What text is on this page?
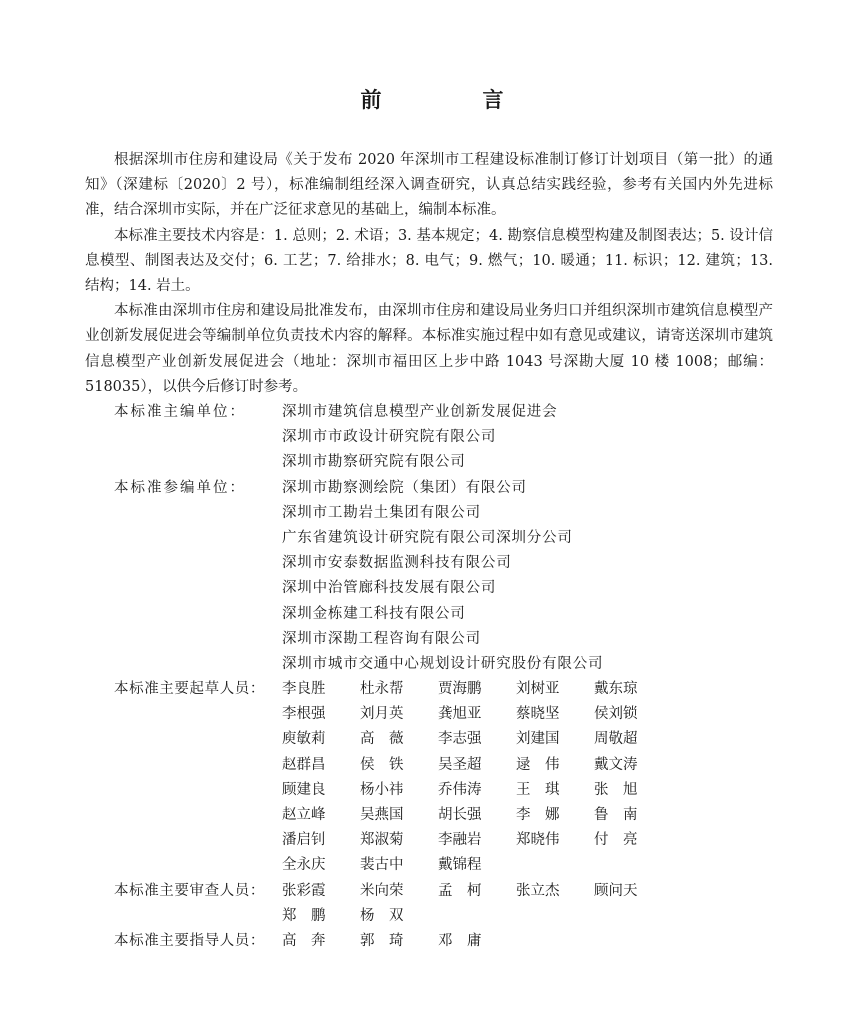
前　言

根据深圳市住房和建设局《关于发布 2020 年深圳市工程建设标准制订修订计划项目（第一批）的通知》（深建标〔2020〕2 号），标准编制组经深入调查研究，认真总结实践经验，参考有关国内外先进标准，结合深圳市实际，并在广泛征求意见的基础上，编制本标准。

本标准主要技术内容是：1. 总则；2. 术语；3. 基本规定；4. 勘察信息模型构建及制图表达；5. 设计信息模型、制图表达及交付；6. 工艺；7. 给排水；8. 电气；9. 燃气；10. 暖通；11. 标识；12. 建筑；13. 结构；14. 岩土。

本标准由深圳市住房和建设局批准发布，由深圳市住房和建设局业务归口并组织深圳市建筑信息模型产业创新发展促进会等编制单位负责技术内容的解释。本标准实施过程中如有意见或建议，请寄送深圳市建筑信息模型产业创新发展促进会（地址：深圳市福田区上步中路 1043 号深勘大厦 10 楼 1008；邮编：518035），以供今后修订时参考。

本标准主编单位：	深圳市建筑信息模型产业创新发展促进会
深圳市市政设计研究院有限公司
深圳市勘察研究院有限公司
本标准参编单位：	深圳市勘察测绘院（集团）有限公司
深圳市工勘岩土集团有限公司
广东省建筑设计研究院有限公司深圳分公司
深圳市安泰数据监测科技有限公司
深圳中治管廊科技发展有限公司
深圳金栋建工科技有限公司
深圳市深勘工程咨询有限公司
深圳市城市交通中心规划设计研究股份有限公司
本标准主要起草人员：	李良胜	杜永帮	贾海鹏	刘树亚	戴东琼
李根强	刘月英	龚旭亚	蔡晓坚	侯刘锁
庾敏莉	高　薇	李志强	刘建国	周敬超
赵群昌	侯　铁	吴圣超	逯　伟	戴文涛
顾建良	杨小祎	乔伟涛	王　琪	张　旭
赵立峰	吴燕国	胡长强	李　娜	鲁　南
潘启钊	郑淑菊	李融岩	郑晓伟	付　亮
全永庆	裴古中	戴锦程
本标准主要审查人员：	张彩霞	米向荣	孟　柯	张立杰	顾问天
郑　鹏	杨　双
本标准主要指导人员：	高　奔	郭　琦	邓　庸
